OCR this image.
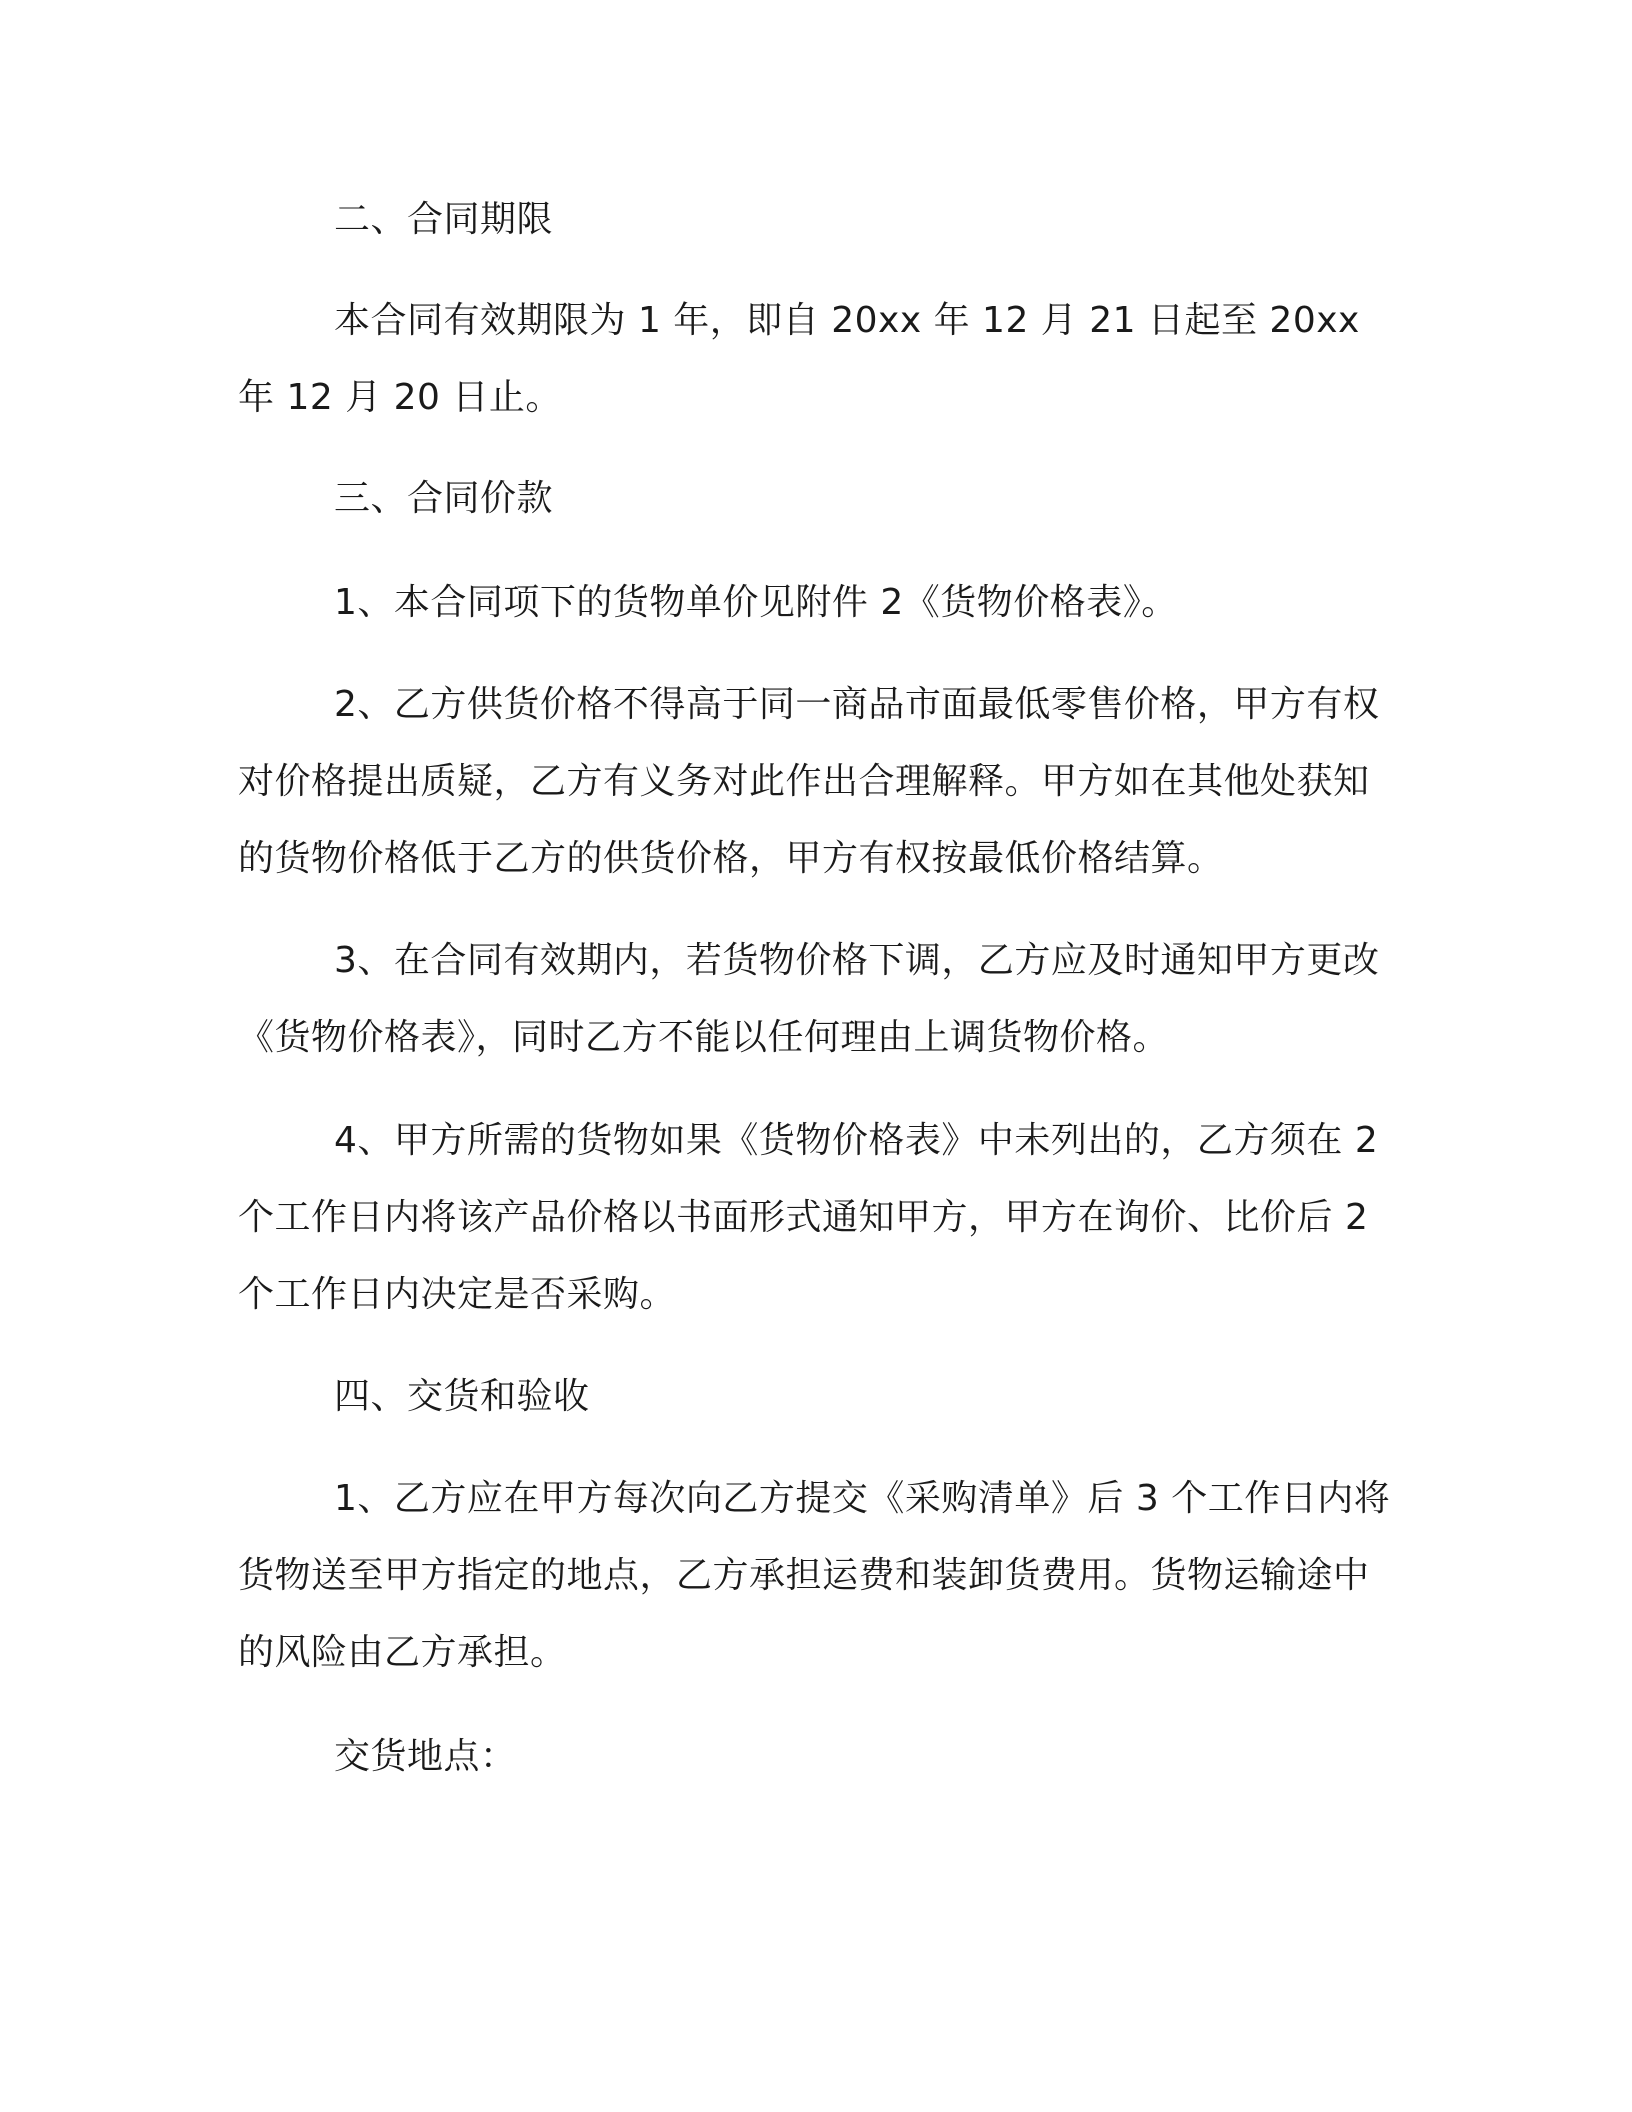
二、合同期限

本合同有效期限为 1 年，即自 20xx 年 12 月 21 日起至 20xx 年 12 月 20 日止。

三、合同价款

1、本合同项下的货物单价见附件 2《货物价格表》。

2、乙方供货价格不得高于同一商品市面最低零售价格，甲方有权对价格提出质疑，乙方有义务对此作出合理解释。甲方如在其他处获知的货物价格低于乙方的供货价格，甲方有权按最低价格结算。

3、在合同有效期内，若货物价格下调，乙方应及时通知甲方更改《货物价格表》，同时乙方不能以任何理由上调货物价格。

4、甲方所需的货物如果《货物价格表》中未列出的，乙方须在 2 个工作日内将该产品价格以书面形式通知甲方，甲方在询价、比价后 2 个工作日内决定是否采购。

四、交货和验收

1、乙方应在甲方每次向乙方提交《采购清单》后 3 个工作日内将货物送至甲方指定的地点，乙方承担运费和装卸货费用。货物运输途中的风险由乙方承担。

交货地点：
